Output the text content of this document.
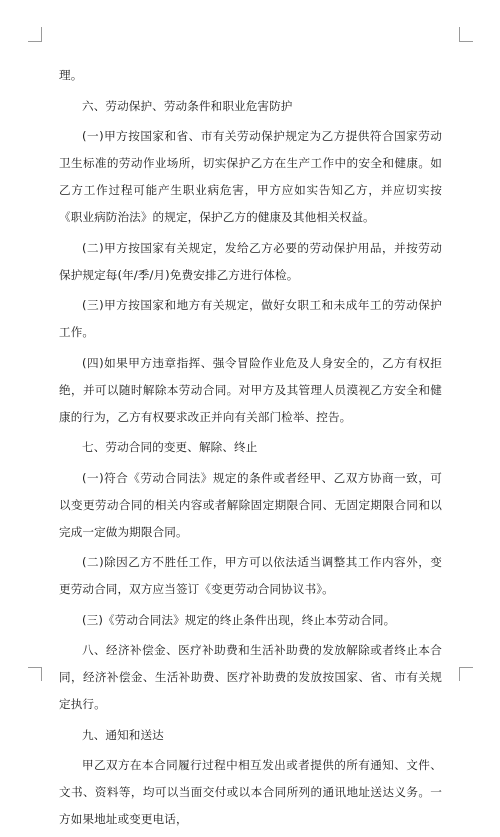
理。

六、劳动保护、劳动条件和职业危害防护

(一)甲方按国家和省、市有关劳动保护规定为乙方提供符合国家劳动卫生标准的劳动作业场所，切实保护乙方在生产工作中的安全和健康。如乙方工作过程可能产生职业病危害，甲方应如实告知乙方，并应切实按《职业病防治法》的规定，保护乙方的健康及其他相关权益。

(二)甲方按国家有关规定，发给乙方必要的劳动保护用品，并按劳动保护规定每(年/季/月)免费安排乙方进行体检。

(三)甲方按国家和地方有关规定，做好女职工和未成年工的劳动保护工作。

(四)如果甲方违章指挥、强令冒险作业危及人身安全的，乙方有权拒绝，并可以随时解除本劳动合同。对甲方及其管理人员漠视乙方安全和健康的行为，乙方有权要求改正并向有关部门检举、控告。

七、劳动合同的变更、解除、终止

(一)符合《劳动合同法》规定的条件或者经甲、乙双方协商一致，可以变更劳动合同的相关内容或者解除固定期限合同、无固定期限合同和以完成一定做为期限合同。

(二)除因乙方不胜任工作，甲方可以依法适当调整其工作内容外，变更劳动合同，双方应当签订《变更劳动合同协议书》。

(三)《劳动合同法》规定的终止条件出现，终止本劳动合同。

八、经济补偿金、医疗补助费和生活补助费的发放解除或者终止本合同，经济补偿金、生活补助费、医疗补助费的发放按国家、省、市有关规定执行。

九、通知和送达

甲乙双方在本合同履行过程中相互发出或者提供的所有通知、文件、文书、资料等，均可以当面交付或以本合同所列的通讯地址送达义务。一方如果地址或变更电话，
